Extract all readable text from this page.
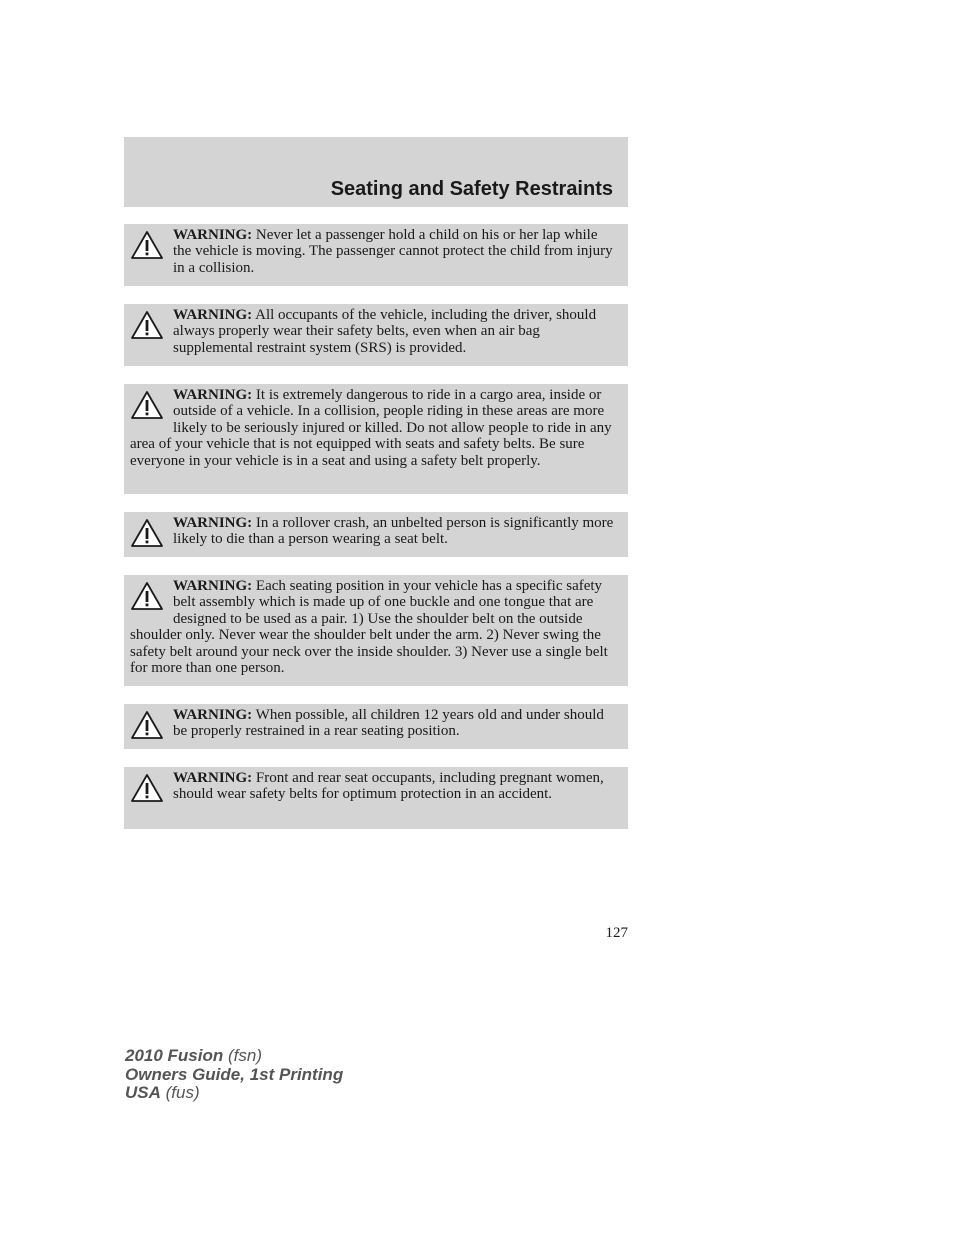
Seating and Safety Restraints
WARNING: Never let a passenger hold a child on his or her lap while the vehicle is moving. The passenger cannot protect the child from injury in a collision.
WARNING: All occupants of the vehicle, including the driver, should always properly wear their safety belts, even when an air bag supplemental restraint system (SRS) is provided.
WARNING: It is extremely dangerous to ride in a cargo area, inside or outside of a vehicle. In a collision, people riding in these areas are more likely to be seriously injured or killed. Do not allow people to ride in any area of your vehicle that is not equipped with seats and safety belts. Be sure everyone in your vehicle is in a seat and using a safety belt properly.
WARNING: In a rollover crash, an unbelted person is significantly more likely to die than a person wearing a seat belt.
WARNING: Each seating position in your vehicle has a specific safety belt assembly which is made up of one buckle and one tongue that are designed to be used as a pair. 1) Use the shoulder belt on the outside shoulder only. Never wear the shoulder belt under the arm. 2) Never swing the safety belt around your neck over the inside shoulder. 3) Never use a single belt for more than one person.
WARNING: When possible, all children 12 years old and under should be properly restrained in a rear seating position.
WARNING: Front and rear seat occupants, including pregnant women, should wear safety belts for optimum protection in an accident.
127
2010 Fusion (fsn)
Owners Guide, 1st Printing
USA (fus)
